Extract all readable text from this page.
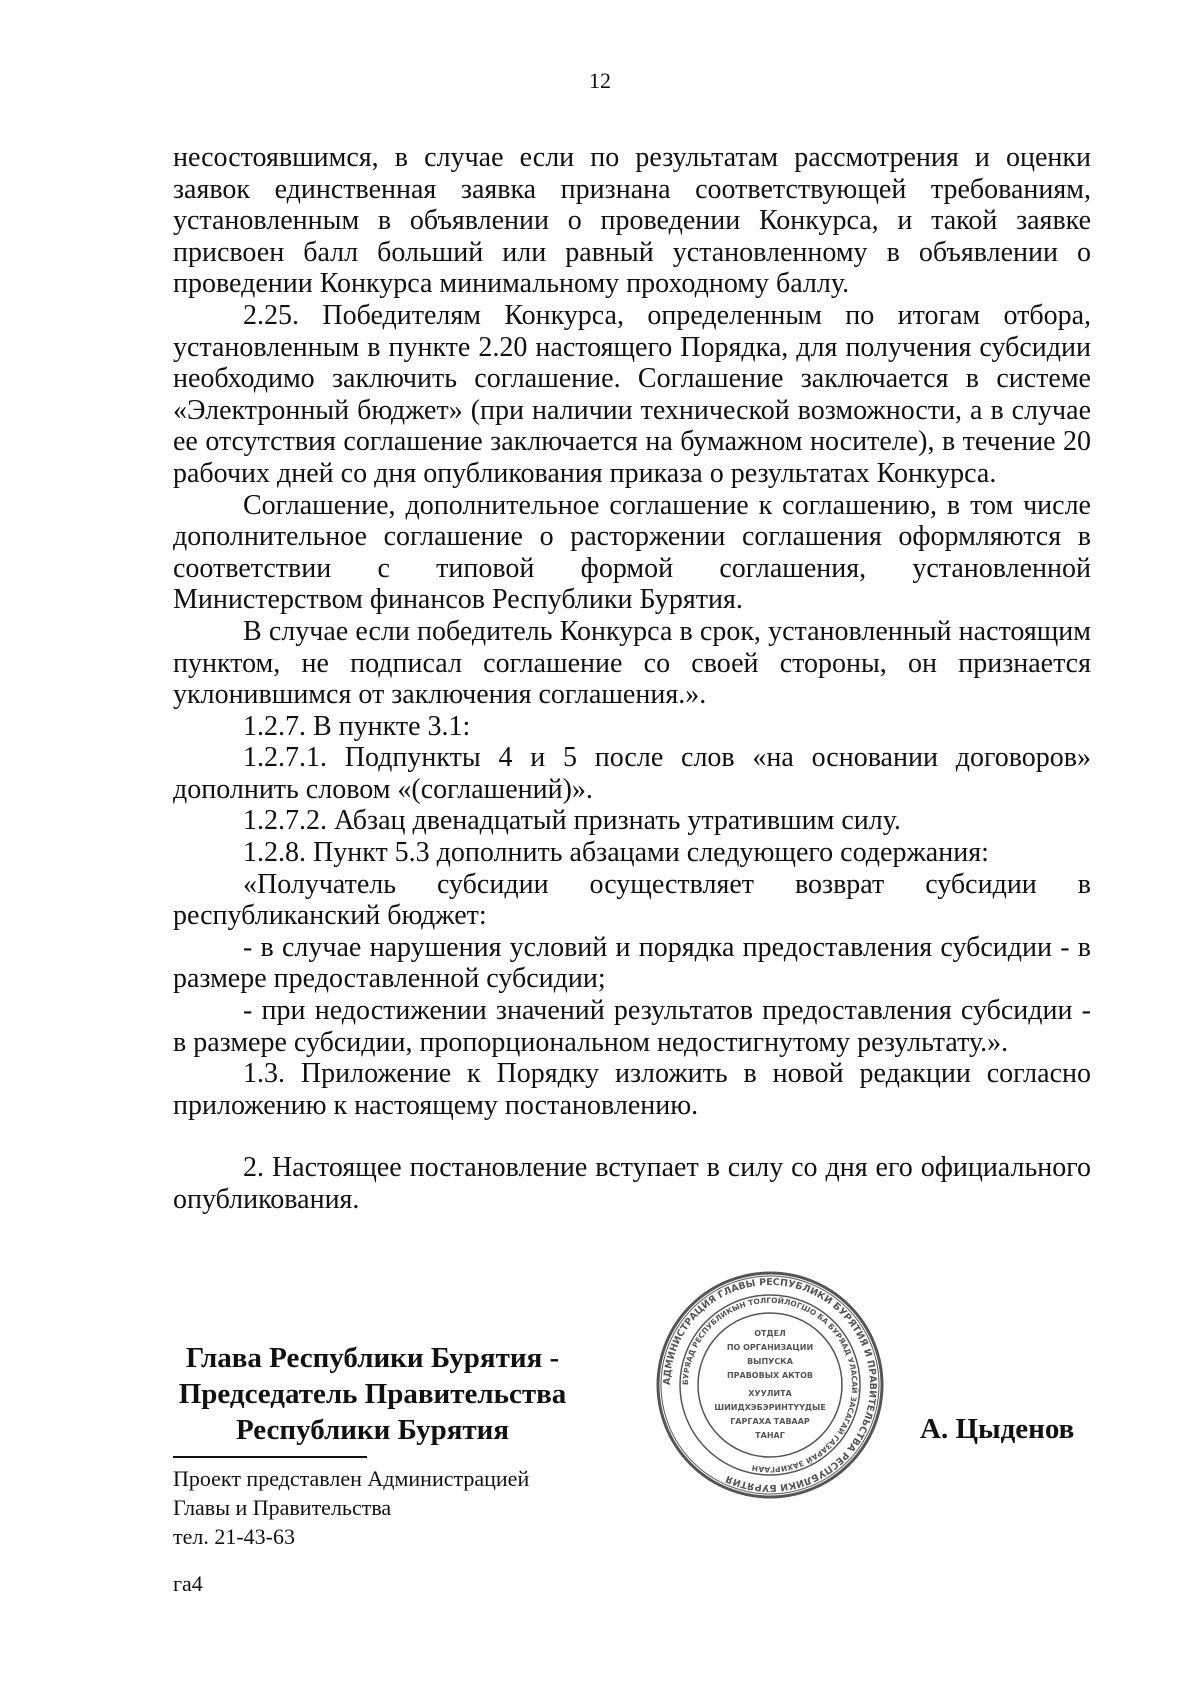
12

несостоявшимся, в случае если по результатам рассмотрения и оценки заявок единственная заявка признана соответствующей требованиям, установленным в объявлении о проведении Конкурса, и такой заявке присвоен балл больший или равный установленному в объявлении о проведении Конкурса минимальному проходному баллу.

2.25. Победителям Конкурса, определенным по итогам отбора, установленным в пункте 2.20 настоящего Порядка, для получения субсидии необходимо заключить соглашение. Соглашение заключается в системе «Электронный бюджет» (при наличии технической возможности, а в случае ее отсутствия соглашение заключается на бумажном носителе), в течение 20 рабочих дней со дня опубликования приказа о результатах Конкурса.

Соглашение, дополнительное соглашение к соглашению, в том числе дополнительное соглашение о расторжении соглашения оформляются в соответствии с типовой формой соглашения, установленной Министерством финансов Республики Бурятия.

В случае если победитель Конкурса в срок, установленный настоящим пунктом, не подписал соглашение со своей стороны, он признается уклонившимся от заключения соглашения.».

1.2.7. В пункте 3.1:

1.2.7.1. Подпункты 4 и 5 после слов «на основании договоров» дополнить словом «(соглашений)».

1.2.7.2. Абзац двенадцатый признать утратившим силу.

1.2.8. Пункт 5.3 дополнить абзацами следующего содержания:

«Получатель субсидии осуществляет возврат субсидии в республиканский бюджет:

- в случае нарушения условий и порядка предоставления субсидии - в размере предоставленной субсидии;

- при недостижении значений результатов предоставления субсидии - в размере субсидии, пропорциональном недостигнутому результату.».

1.3. Приложение к Порядку изложить в новой редакции согласно приложению к настоящему постановлению.

2. Настоящее постановление вступает в силу со дня его официального опубликования.

Глава Республики Бурятия -
Председатель Правительства
Республики Бурятия
АДМИНИСТРАЦИЯ ГЛАВЫ РЕСПУБЛИКИ БУРЯТИЯ И ПРАВИТЕЛЬСТВА РЕСПУБЛИКИ БУРЯТИЯ
БУРЯАД РЕСПУБЛИКЫН ТОЛГОЙЛОГШО БА БУРЯАД УЛАСАЙ ЗАСАГАЙ ГАЗАРАЙ ЗАХИРГААН
ОТДЕЛ
ПО ОРГАНИЗАЦИИ
ВЫПУСКА
ПРАВОВЫХ АКТОВ
ХУУЛИТА
ШИИДХЭБЭРИНТҮҮДЫЕ
ГАРГАХА ТАВААР
ТАНАГ	А. Цыденов
Проект представлен Администрацией
Главы и Правительства
тел. 21-43-63
га4
